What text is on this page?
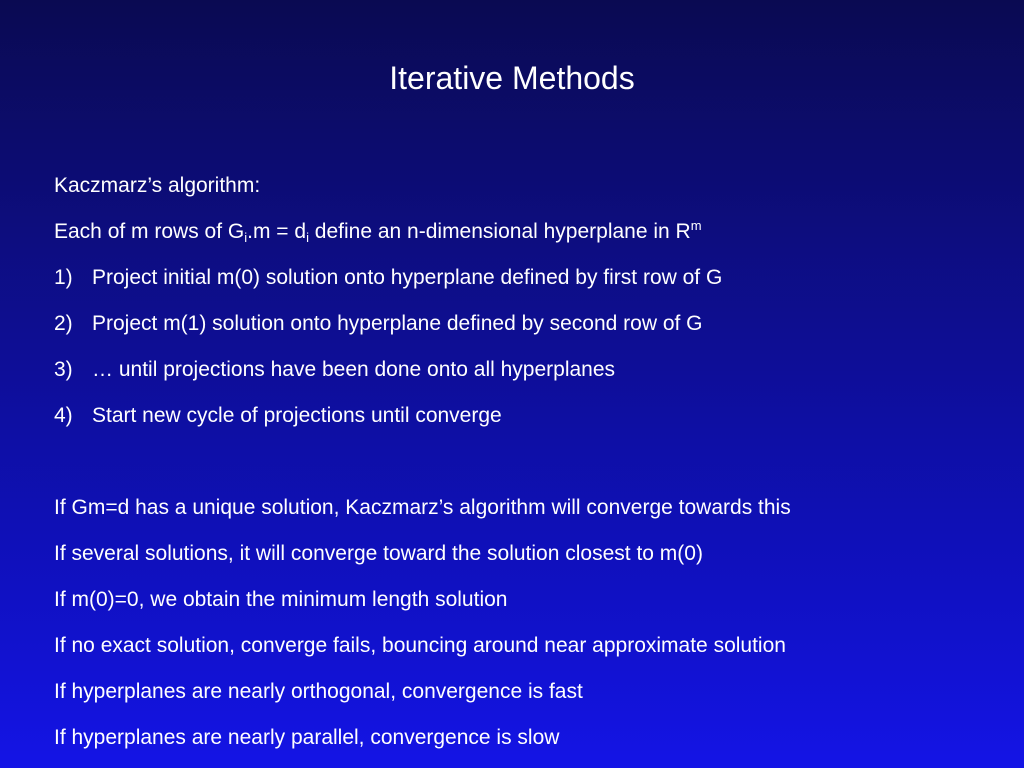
Iterative Methods
Kaczmarz’s algorithm:
Each of m rows of $G_i.m = d_i$ define an n-dimensional hyperplane in $R^m$
1) Project initial m(0) solution onto hyperplane defined by first row of G
2) Project m(1) solution onto hyperplane defined by second row of G
3) … until projections have been done onto all hyperplanes
4) Start new cycle of projections until converge
If Gm=d has a unique solution, Kaczmarz’s algorithm will converge towards this
If several solutions, it will converge toward the solution closest to m(0)
If m(0)=0, we obtain the minimum length solution
If no exact solution, converge fails, bouncing around near approximate solution
If hyperplanes are nearly orthogonal, convergence is fast
If hyperplanes are nearly parallel, convergence is slow
